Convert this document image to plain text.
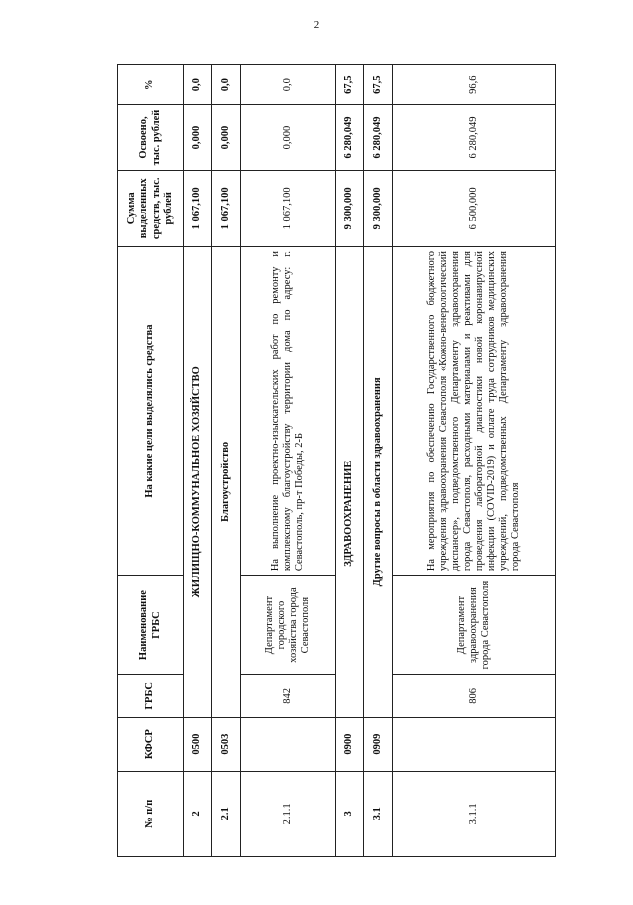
2
№ п/п	КФСР	ГРБС	Наименование ГРБС	На какие цели выделялись средства	Сумма выделенных средств, тыс. рублей	Освоено, тыс. рублей	%
2	0500	ЖИЛИЩНО-КОММУНАЛЬНОЕ ХОЗЯЙСТВО			1 067,100	0,000	0,0
2.1	0503	Благоустройство			1 067,100	0,000	0,0
2.1.1		842	Департамент городского хозяйства города Севастополя	На выполнение проектно-изыскательских работ по ремонту и комплексному благоустройству территории дома по адресу: г. Севастополь, пр-т Победы, 2-Б	1 067,100	0,000	0,0
3	0900	ЗДРАВООХРАНЕНИЕ			9 300,000	6 280,049	67,5
3.1	0909	Другие вопросы в области здравоохранения			9 300,000	6 280,049	67,5
3.1.1		806	Департамент здравоохранения города Севастополя	На мероприятия по обеспечению Государственного бюджетного учреждения здравоохранения Севастополя «Кожно-венерологический диспансер», подведомственного Департаменту здравоохранения города Севастополя, расходными материалами и реактивами для проведения лабораторной диагностики новой коронавирусной инфекции (COVID-2019) и оплате труда сотрудников медицинских учреждений, подведомственных Департаменту здравоохранения города Севастополя	6 500,000	6 280,049	96,6
